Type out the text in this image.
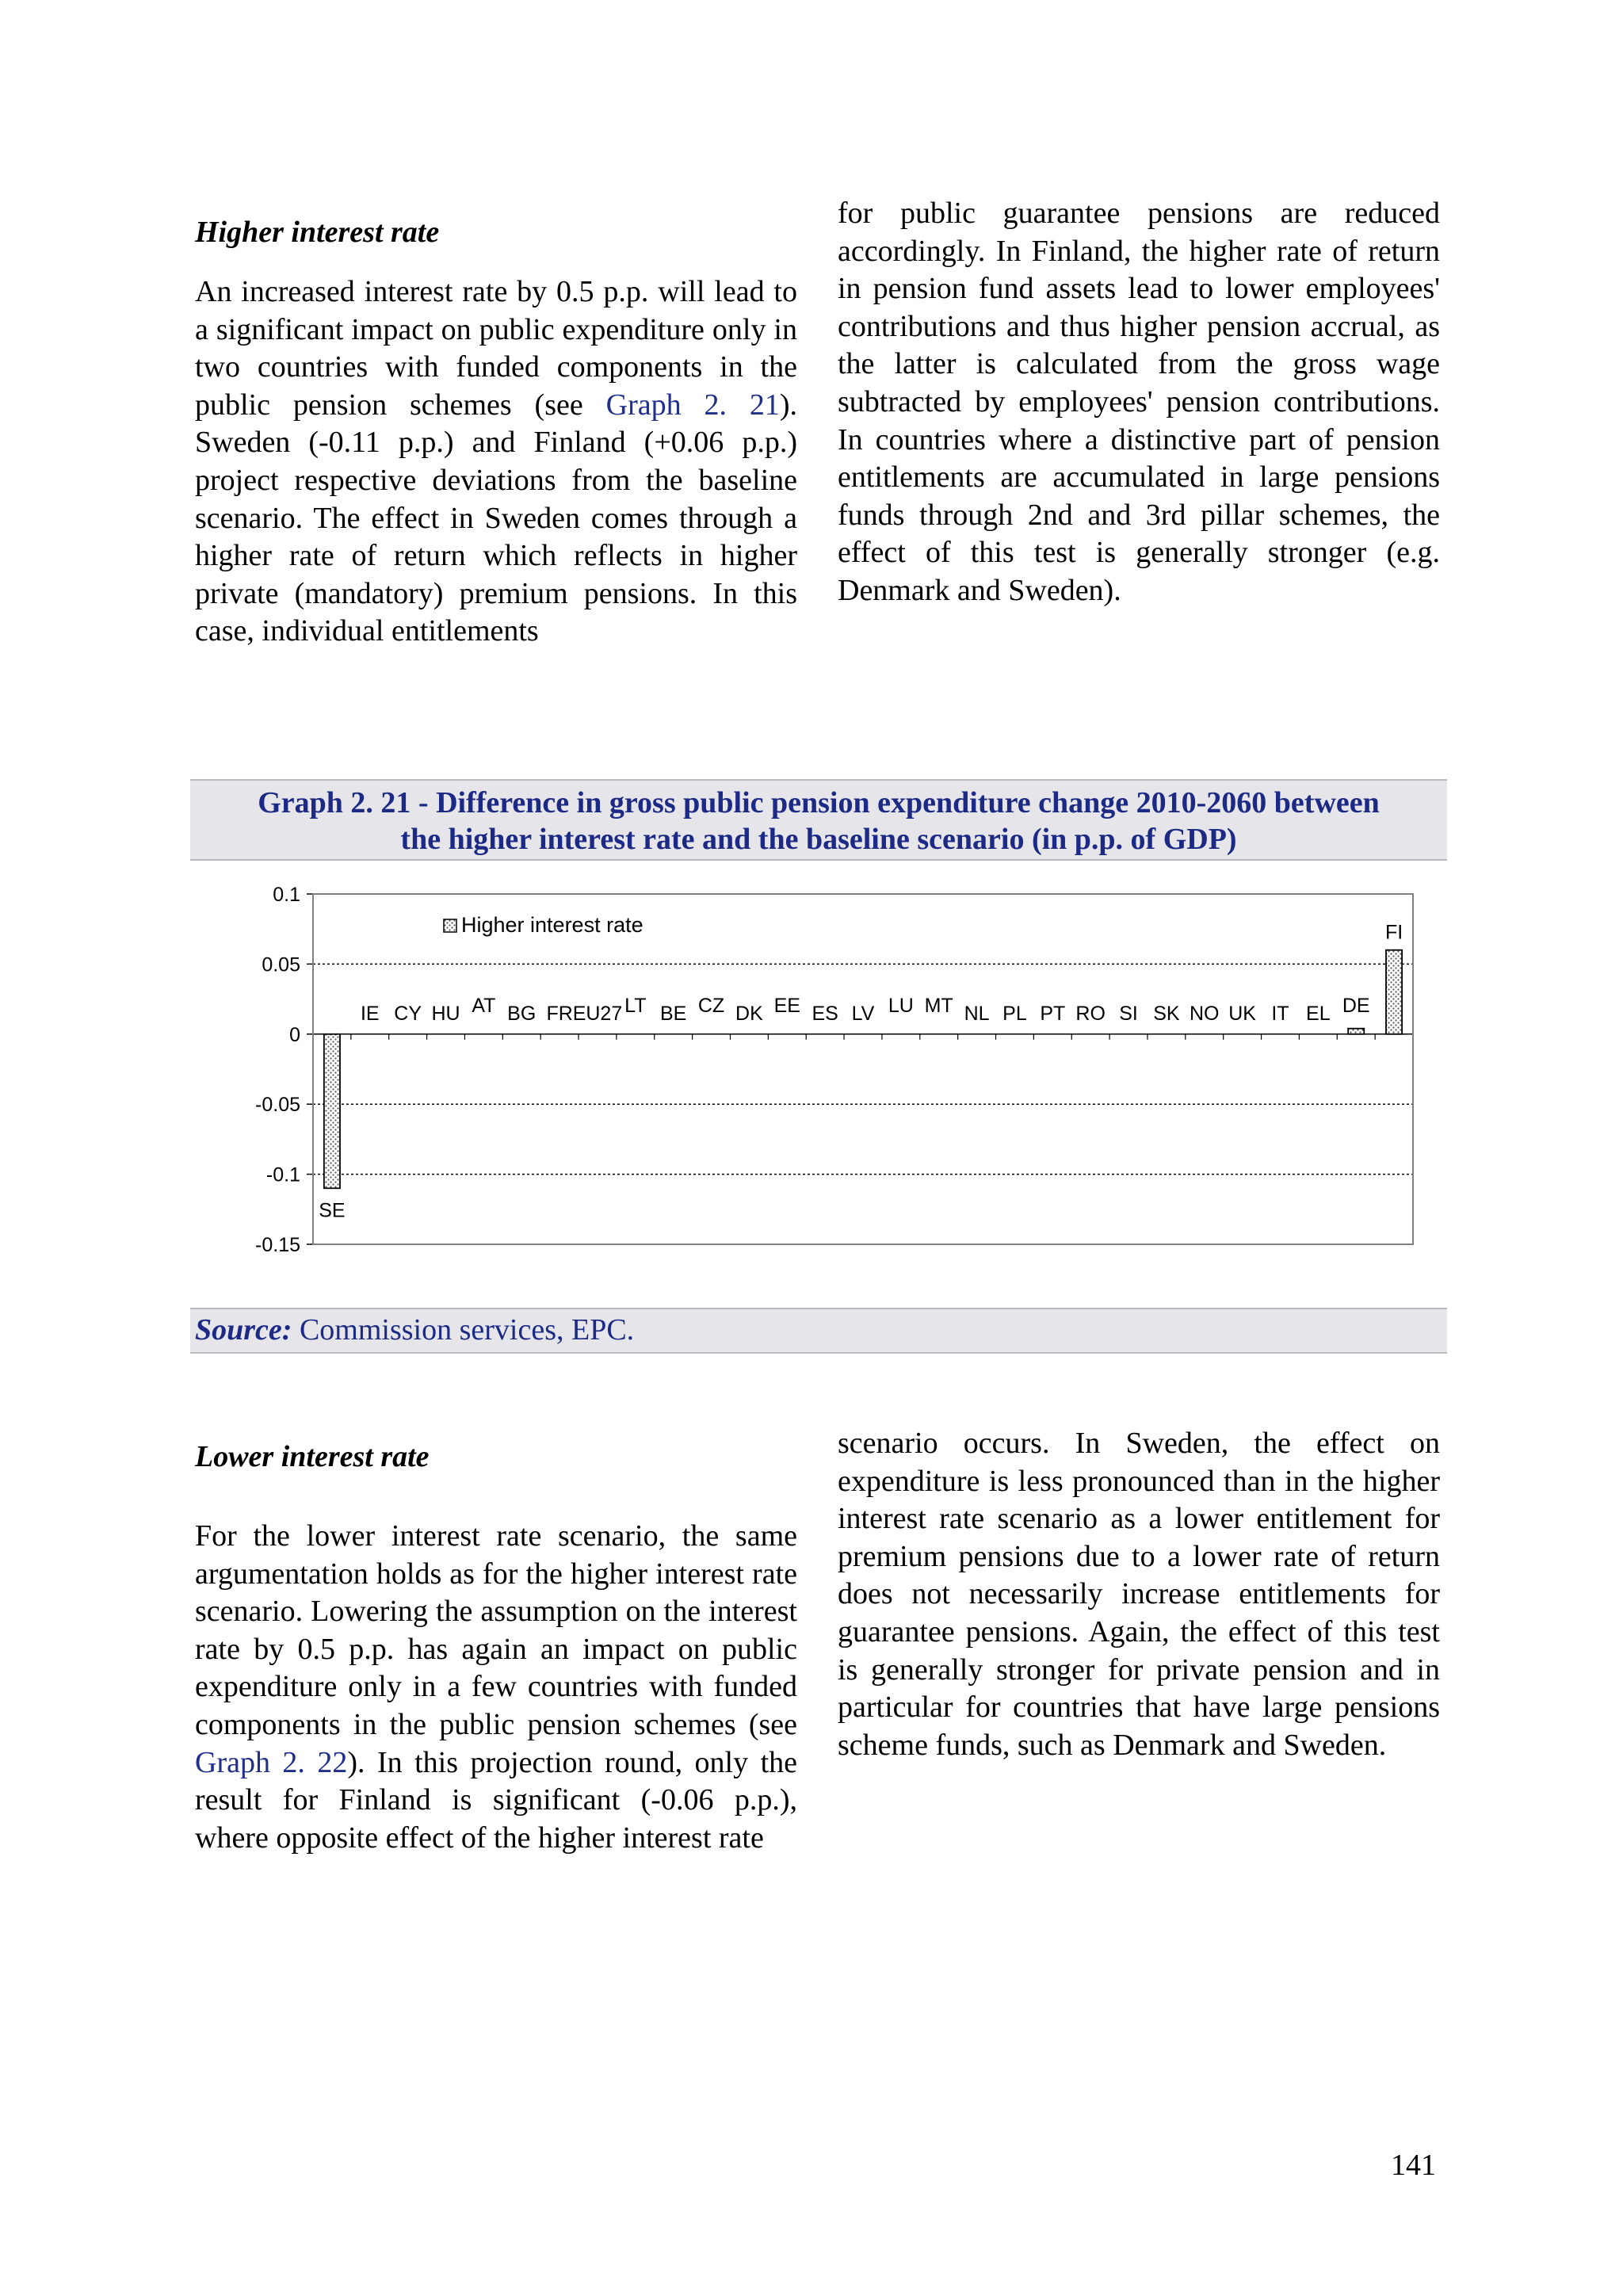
Higher interest rate

An increased interest rate by 0.5 p.p. will lead to a significant impact on public expenditure only in two countries with funded components in the public pension schemes (see Graph 2. 21). Sweden (-0.11 p.p.) and Finland (+0.06 p.p.) project respective deviations from the baseline scenario. The effect in Sweden comes through a higher rate of return which reflects in higher private (mandatory) premium pensions. In this case, individual entitlements

for public guarantee pensions are reduced accordingly. In Finland, the higher rate of return in pension fund assets lead to lower employees' contributions and thus higher pension accrual, as the latter is calculated from the gross wage subtracted by employees' pension contributions. In countries where a distinctive part of pension entitlements are accumulated in large pensions funds through 2nd and 3rd pillar schemes, the effect of this test is generally stronger (e.g. Denmark and Sweden).

Graph 2. 21 - Difference in gross public pension expenditure change 2010-2060 between
the higher interest rate and the baseline scenario (in p.p. of GDP)
0.1
0.05
0
-0.05
-0.1
-0.15
SE
IE CY HU AT BG FR EU27 LT BE CZ DK EE ES LV LU MT NL PL PT RO SI SK NO UK IT EL DE
FI
Higher interest rate
Source: Commission services, EPC.
Lower interest rate

For the lower interest rate scenario, the same argumentation holds as for the higher interest rate scenario. Lowering the assumption on the interest rate by 0.5 p.p. has again an impact on public expenditure only in a few countries with funded components in the public pension schemes (see Graph 2. 22). In this projection round, only the result for Finland is significant (-0.06 p.p.), where opposite effect of the higher interest rate

scenario occurs. In Sweden, the effect on expenditure is less pronounced than in the higher interest rate scenario as a lower entitlement for premium pensions due to a lower rate of return does not necessarily increase entitlements for guarantee pensions. Again, the effect of this test is generally stronger for private pension and in particular for countries that have large pensions scheme funds, such as Denmark and Sweden.

141
